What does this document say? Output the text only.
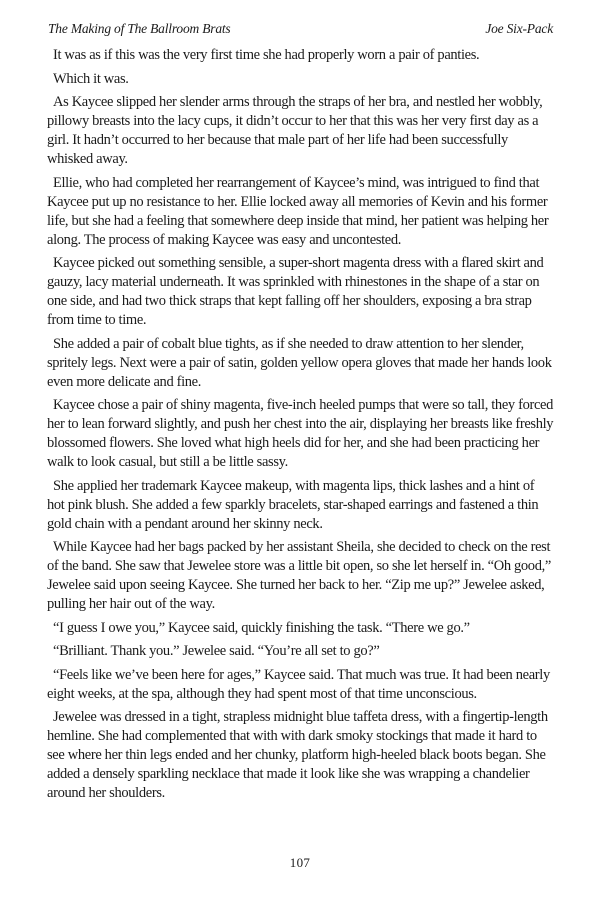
The Making of The Ballroom Brats	Joe Six-Pack

It was as if this was the very first time she had properly worn a pair of panties.

Which it was.

As Kaycee slipped her slender arms through the straps of her bra, and nestled her wobbly, pillowy breasts into the lacy cups, it didn’t occur to her that this was her very first day as a girl. It hadn’t occurred to her because that male part of her life had been successfully whisked away.

Ellie, who had completed her rearrangement of Kaycee’s mind, was intrigued to find that Kaycee put up no resistance to her. Ellie locked away all memories of Kevin and his former life, but she had a feeling that somewhere deep inside that mind, her patient was helping her along. The process of making Kaycee was easy and uncontested.

Kaycee picked out something sensible, a super-short magenta dress with a flared skirt and gauzy, lacy material underneath. It was sprinkled with rhinestones in the shape of a star on one side, and had two thick straps that kept falling off her shoulders, exposing a bra strap from time to time.

She added a pair of cobalt blue tights, as if she needed to draw attention to her slender, spritely legs. Next were a pair of satin, golden yellow opera gloves that made her hands look even more delicate and fine.

Kaycee chose a pair of shiny magenta, five-inch heeled pumps that were so tall, they forced her to lean forward slightly, and push her chest into the air, displaying her breasts like freshly blossomed flowers. She loved what high heels did for her, and she had been practicing her walk to look casual, but still a be little sassy.

She applied her trademark Kaycee makeup, with magenta lips, thick lashes and a hint of hot pink blush. She added a few sparkly bracelets, star-shaped earrings and fastened a thin gold chain with a pendant around her skinny neck.

While Kaycee had her bags packed by her assistant Sheila, she decided to check on the rest of the band. She saw that Jewelee store was a little bit open, so she let herself in. “Oh good,” Jewelee said upon seeing Kaycee. She turned her back to her. “Zip me up?” Jewelee asked, pulling her hair out of the way.

“I guess I owe you,” Kaycee said, quickly finishing the task. “There we go.”

“Brilliant. Thank you.” Jewelee said. “You’re all set to go?”

“Feels like we’ve been here for ages,” Kaycee said. That much was true. It had been nearly eight weeks, at the spa, although they had spent most of that time unconscious.

Jewelee was dressed in a tight, strapless midnight blue taffeta dress, with a fingertip-length hemline. She had complemented that with with dark smoky stockings that made it hard to see where her thin legs ended and her chunky, platform high-heeled black boots began. She added a densely sparkling necklace that made it look like she was wrapping a chandelier around her shoulders.

107
